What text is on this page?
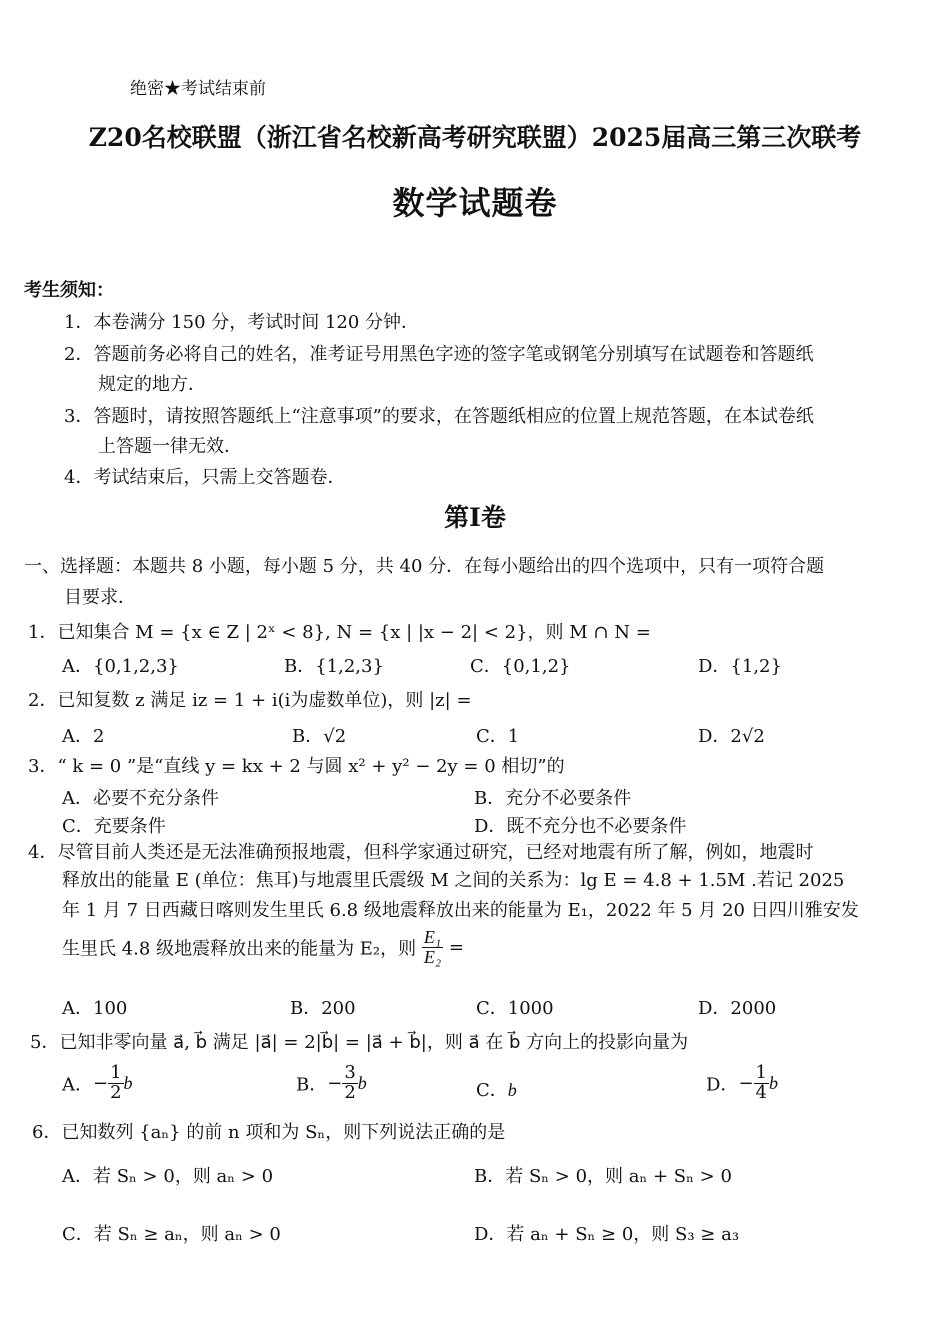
绝密★考试结束前
Z20名校联盟（浙江省名校新高考研究联盟）2025届高三第三次联考
数学试题卷
考生须知：
1．本卷满分 150 分，考试时间 120 分钟．
2．答题前务必将自己的姓名，准考证号用黑色字迹的签字笔或钢笔分别填写在试题卷和答题纸
规定的地方．
3．答题时，请按照答题纸上“注意事项”的要求，在答题纸相应的位置上规范答题，在本试卷纸
上答题一律无效．
4．考试结束后，只需上交答题卷．
第Ⅰ卷
一、选择题：本题共 8 小题，每小题 5 分，共 40 分．在每小题给出的四个选项中，只有一项符合题
目要求．
1．已知集合 M = {x ∈ Z | 2ˣ < 8}, N = {x | |x − 2| < 2}，则 M ∩ N =
A．{0,1,2,3}	B．{1,2,3}	C．{0,1,2}	D．{1,2}
2．已知复数 z 满足 iz = 1 + i(i为虚数单位)，则 |z| =
A．2	B．√2	C．1	D．2√2
3．“ k = 0 ”是“直线 y = kx + 2 与圆 x² + y² − 2y = 0 相切”的
A．必要不充分条件	B．充分不必要条件
C．充要条件	D．既不充分也不必要条件
4．尽管目前人类还是无法准确预报地震，但科学家通过研究，已经对地震有所了解，例如，地震时
释放出的能量 E (单位：焦耳)与地震里氏震级 M 之间的关系为：lg E = 4.8 + 1.5M .若记 2025
年 1 月 7 日西藏日喀则发生里氏 6.8 级地震释放出来的能量为 E₁，2022 年 5 月 20 日四川雅安发
生里氏 4.8 级地震释放出来的能量为 E₂，则 $\frac{\text{E₁}}{\text{E₂}}$ =
A．100	B．200	C．1000	D．2000
5．已知非零向量 a⃗, b⃗ 满足 |a⃗| = 2|b⃗| = |a⃗ + b⃗|，则 a⃗ 在 b⃗ 方向上的投影向量为
A．− $\frac{1}{2}$ b⃗	B．− $\frac{3}{2}$ b⃗	C．b⃗	D．− $\frac{1}{4}$ b⃗
6．已知数列 {aₙ} 的前 n 项和为 Sₙ，则下列说法正确的是
A．若 Sₙ > 0，则 aₙ > 0	B．若 Sₙ > 0，则 aₙ + Sₙ > 0
C．若 Sₙ ≥ aₙ，则 aₙ > 0	D．若 aₙ + Sₙ ≥ 0，则 S₃ ≥ a₃
